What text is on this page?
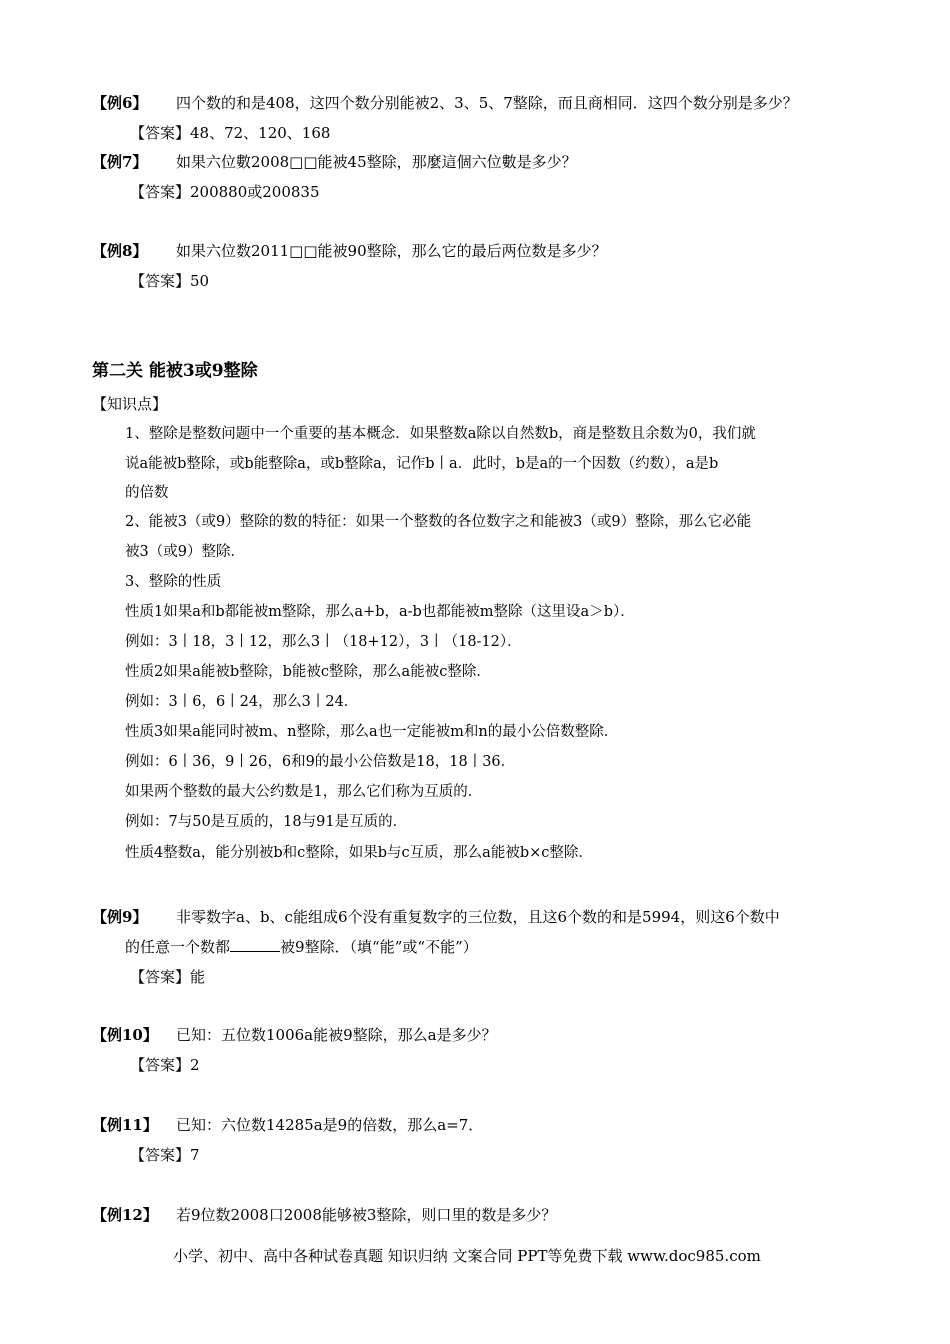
【例6】 四个数的和是408，这四个数分别能被2、3、5、7整除，而且商相同．这四个数分别是多少？
【答案】48、72、120、168
【例7】 如果六位數2008□□能被45整除，那麼這個六位數是多少？
【答案】200880或200835
【例8】 如果六位数2011□□能被90整除，那么它的最后两位数是多少？
【答案】50
第二关 能被3或9整除
【知识点】
1、整除是整数问题中一个重要的基本概念．如果整数a除以自然数b，商是整数且余数为0，我们就
说a能被b整除，或b能整除a，或b整除a，记作b丨a．此时，b是a的一个因数（约数），a是b
的倍数
2、能被3（或9）整除的数的特征：如果一个整数的各位数字之和能被3（或9）整除，那么它必能
被3（或9）整除．
3、整除的性质
性质1如果a和b都能被m整除，那么a+b，a-b也都能被m整除（这里设a＞b）．
例如：3丨18，3丨12，那么3丨（18+12），3丨（18-12）．
性质2如果a能被b整除，b能被c整除，那么a能被c整除．
例如：3丨6，6丨24，那么3丨24．
性质3如果a能同时被m、n整除，那么a也一定能被m和n的最小公倍数整除．
例如：6丨36，9丨26，6和9的最小公倍数是18，18丨36．
如果两个整数的最大公约数是1，那么它们称为互质的．
例如：7与50是互质的，18与91是互质的．
性质4整数a，能分别被b和c整除，如果b与c互质，那么a能被b×c整除．
【例9】 非零数字a、b、c能组成6个没有重复数字的三位数，且这6个数的和是5994，则这6个数中
的任意一个数都	被9整除．（填“能”或“不能”）
【答案】能
【例10】 已知：五位数1006a能被9整除，那么a是多少？
【答案】2
【例11】 已知：六位数14285a是9的倍数，那么a=7．
【答案】7
【例12】 若9位数2008口2008能够被3整除，则口里的数是多少？
小学、初中、高中各种试卷真题 知识归纳 文案合同 PPT等免费下载 www.doc985.com
